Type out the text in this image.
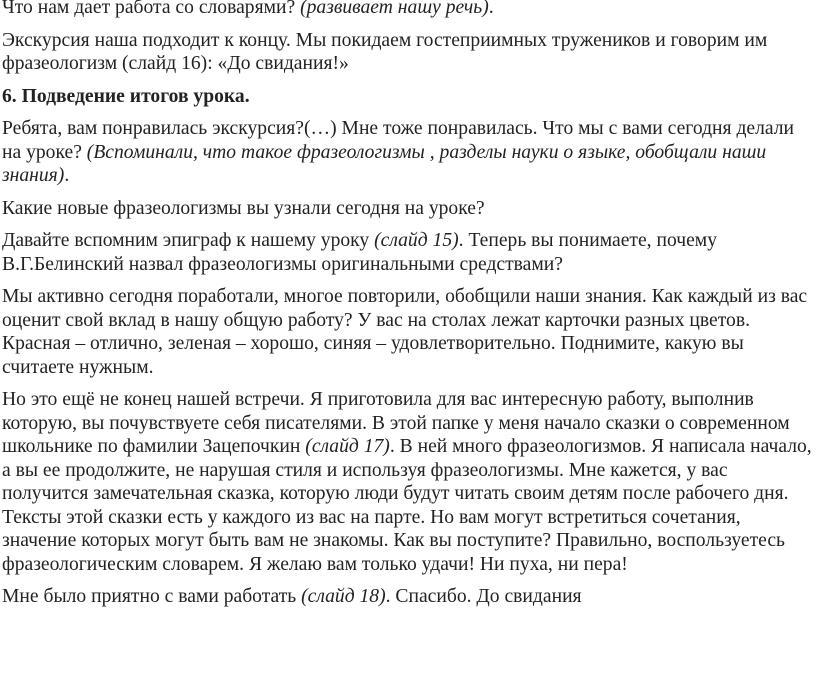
Что нам дает работа со словарями? (развивает нашу речь).

Экскурсия наша подходит к концу. Мы покидаем гостеприимных тружеников и говорим им фразеологизм (слайд 16): «До свидания!»

6. Подведение итогов урока.

Ребята, вам понравилась экскурсия?(…) Мне тоже понравилась. Что мы с вами сегодня делали на уроке? (Вспоминали, что такое фразеологизмы , разделы науки о языке, обобщали наши знания).

Какие новые фразеологизмы вы узнали сегодня на уроке?

Давайте вспомним эпиграф к нашему уроку (слайд 15). Теперь вы понимаете, почему В.Г.Белинский назвал фразеологизмы оригинальными средствами?

Мы активно сегодня поработали, многое повторили, обобщили наши знания. Как каждый из вас оценит свой вклад в нашу общую работу? У вас на столах лежат карточки разных цветов. Красная – отлично, зеленая – хорошо, синяя – удовлетворительно. Поднимите, какую вы считаете нужным.

Но это ещё не конец нашей встречи. Я приготовила для вас интересную работу, выполнив которую, вы почувствуете себя писателями. В этой папке у меня начало сказки о современном школьнике по фамилии Зацепочкин (слайд 17). В ней много фразеологизмов. Я написала начало, а вы ее продолжите, не нарушая стиля и используя фразеологизмы. Мне кажется, у вас получится замечательная сказка, которую люди будут читать своим детям после рабочего дня. Тексты этой сказки есть у каждого из вас на парте. Но вам могут встретиться сочетания, значение которых могут быть вам не знакомы. Как вы поступите? Правильно, воспользуетесь фразеологическим словарем. Я желаю вам только удачи! Ни пуха, ни пера!

Мне было приятно с вами работать (слайд 18). Спасибо. До свидания
